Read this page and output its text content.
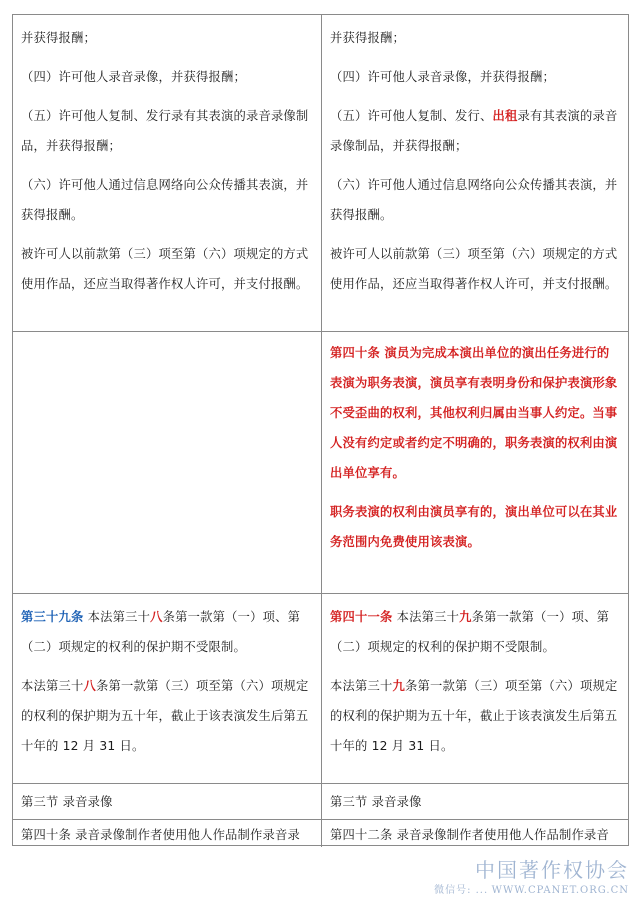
并获得报酬；

（四）许可他人录音录像，并获得报酬；

（五）许可他人复制、发行录有其表演的录音录像制品，并获得报酬；

（六）许可他人通过信息网络向公众传播其表演，并获得报酬。

被许可人以前款第（三）项至第（六）项规定的方式使用作品，还应当取得著作权人许可，并支付报酬。

并获得报酬；

（四）许可他人录音录像，并获得报酬；

（五）许可他人复制、发行、出租录有其表演的录音录像制品，并获得报酬；

（六）许可他人通过信息网络向公众传播其表演，并获得报酬。

被许可人以前款第（三）项至第（六）项规定的方式使用作品，还应当取得著作权人许可，并支付报酬。

第四十条 演员为完成本演出单位的演出任务进行的表演为职务表演，演员享有表明身份和保护表演形象不受歪曲的权利，其他权利归属由当事人约定。当事人没有约定或者约定不明确的，职务表演的权利由演出单位享有。

职务表演的权利由演员享有的，演出单位可以在其业务范围内免费使用该表演。

第三十九条 本法第三十八条第一款第（一）项、第（二）项规定的权利的保护期不受限制。

本法第三十八条第一款第（三）项至第（六）项规定的权利的保护期为五十年，截止于该表演发生后第五十年的 12 月 31 日。

第四十一条 本法第三十九条第一款第（一）项、第（二）项规定的权利的保护期不受限制。

本法第三十九条第一款第（三）项至第（六）项规定的权利的保护期为五十年，截止于该表演发生后第五十年的 12 月 31 日。

第三节 录音录像	第三节 录音录像

第四十条 录音录像制作者使用他人作品制作录音录	第四十二条 录音录像制作者使用他人作品制作录音

中国著作权协会
微信号: ... WWW.CPANET.ORG.CN
